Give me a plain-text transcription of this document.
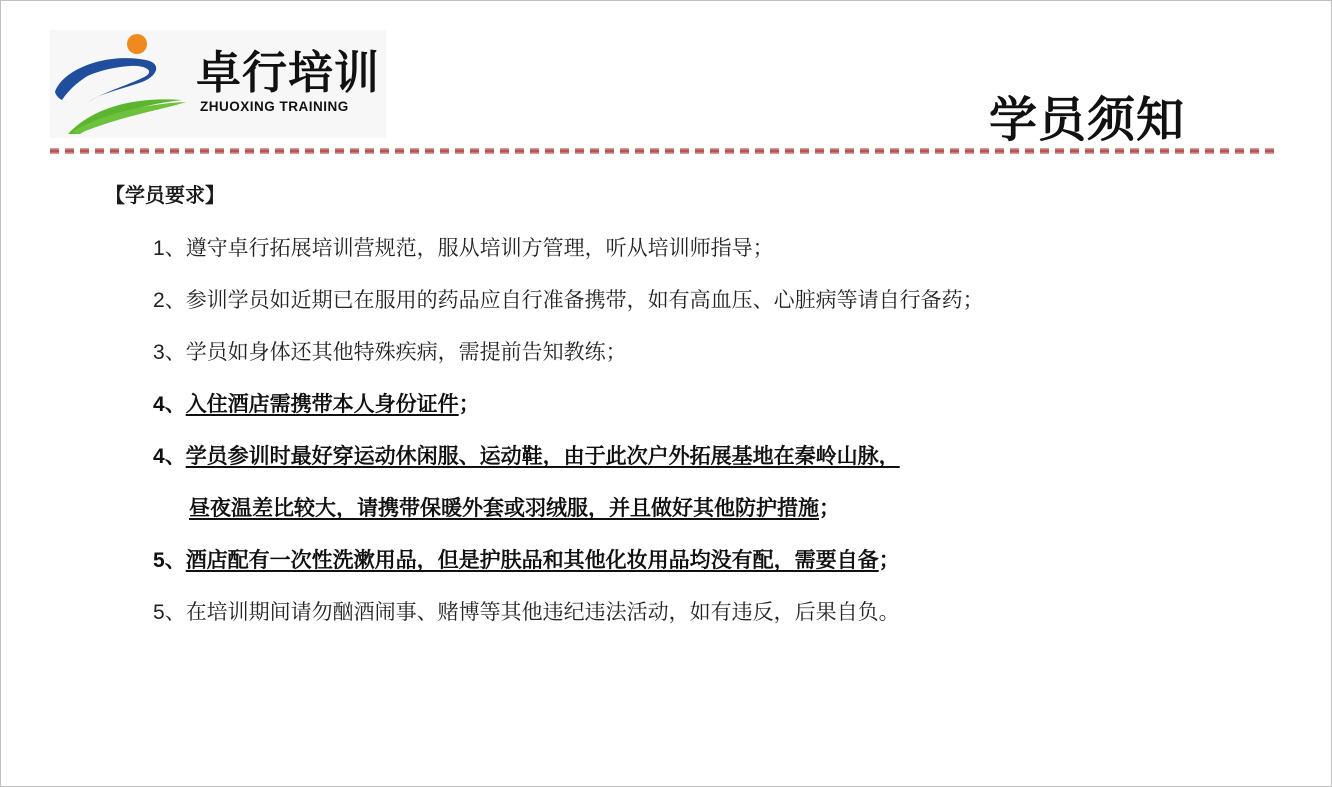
卓行培训
ZHUOXING TRAINING	学员须知
【学员要求】
1、遵守卓行拓展培训营规范，服从培训方管理，听从培训师指导；
2、参训学员如近期已在服用的药品应自行准备携带，如有高血压、心脏病等请自行备药；
3、学员如身体还其他特殊疾病，需提前告知教练；
4、入住酒店需携带本人身份证件；
4、学员参训时最好穿运动休闲服、运动鞋，由于此次户外拓展基地在秦岭山脉，
昼夜温差比较大，请携带保暖外套或羽绒服，并且做好其他防护措施；
5、酒店配有一次性洗漱用品，但是护肤品和其他化妆用品均没有配，需要自备；
5、在培训期间请勿酗酒闹事、赌博等其他违纪违法活动，如有违反，后果自负。
